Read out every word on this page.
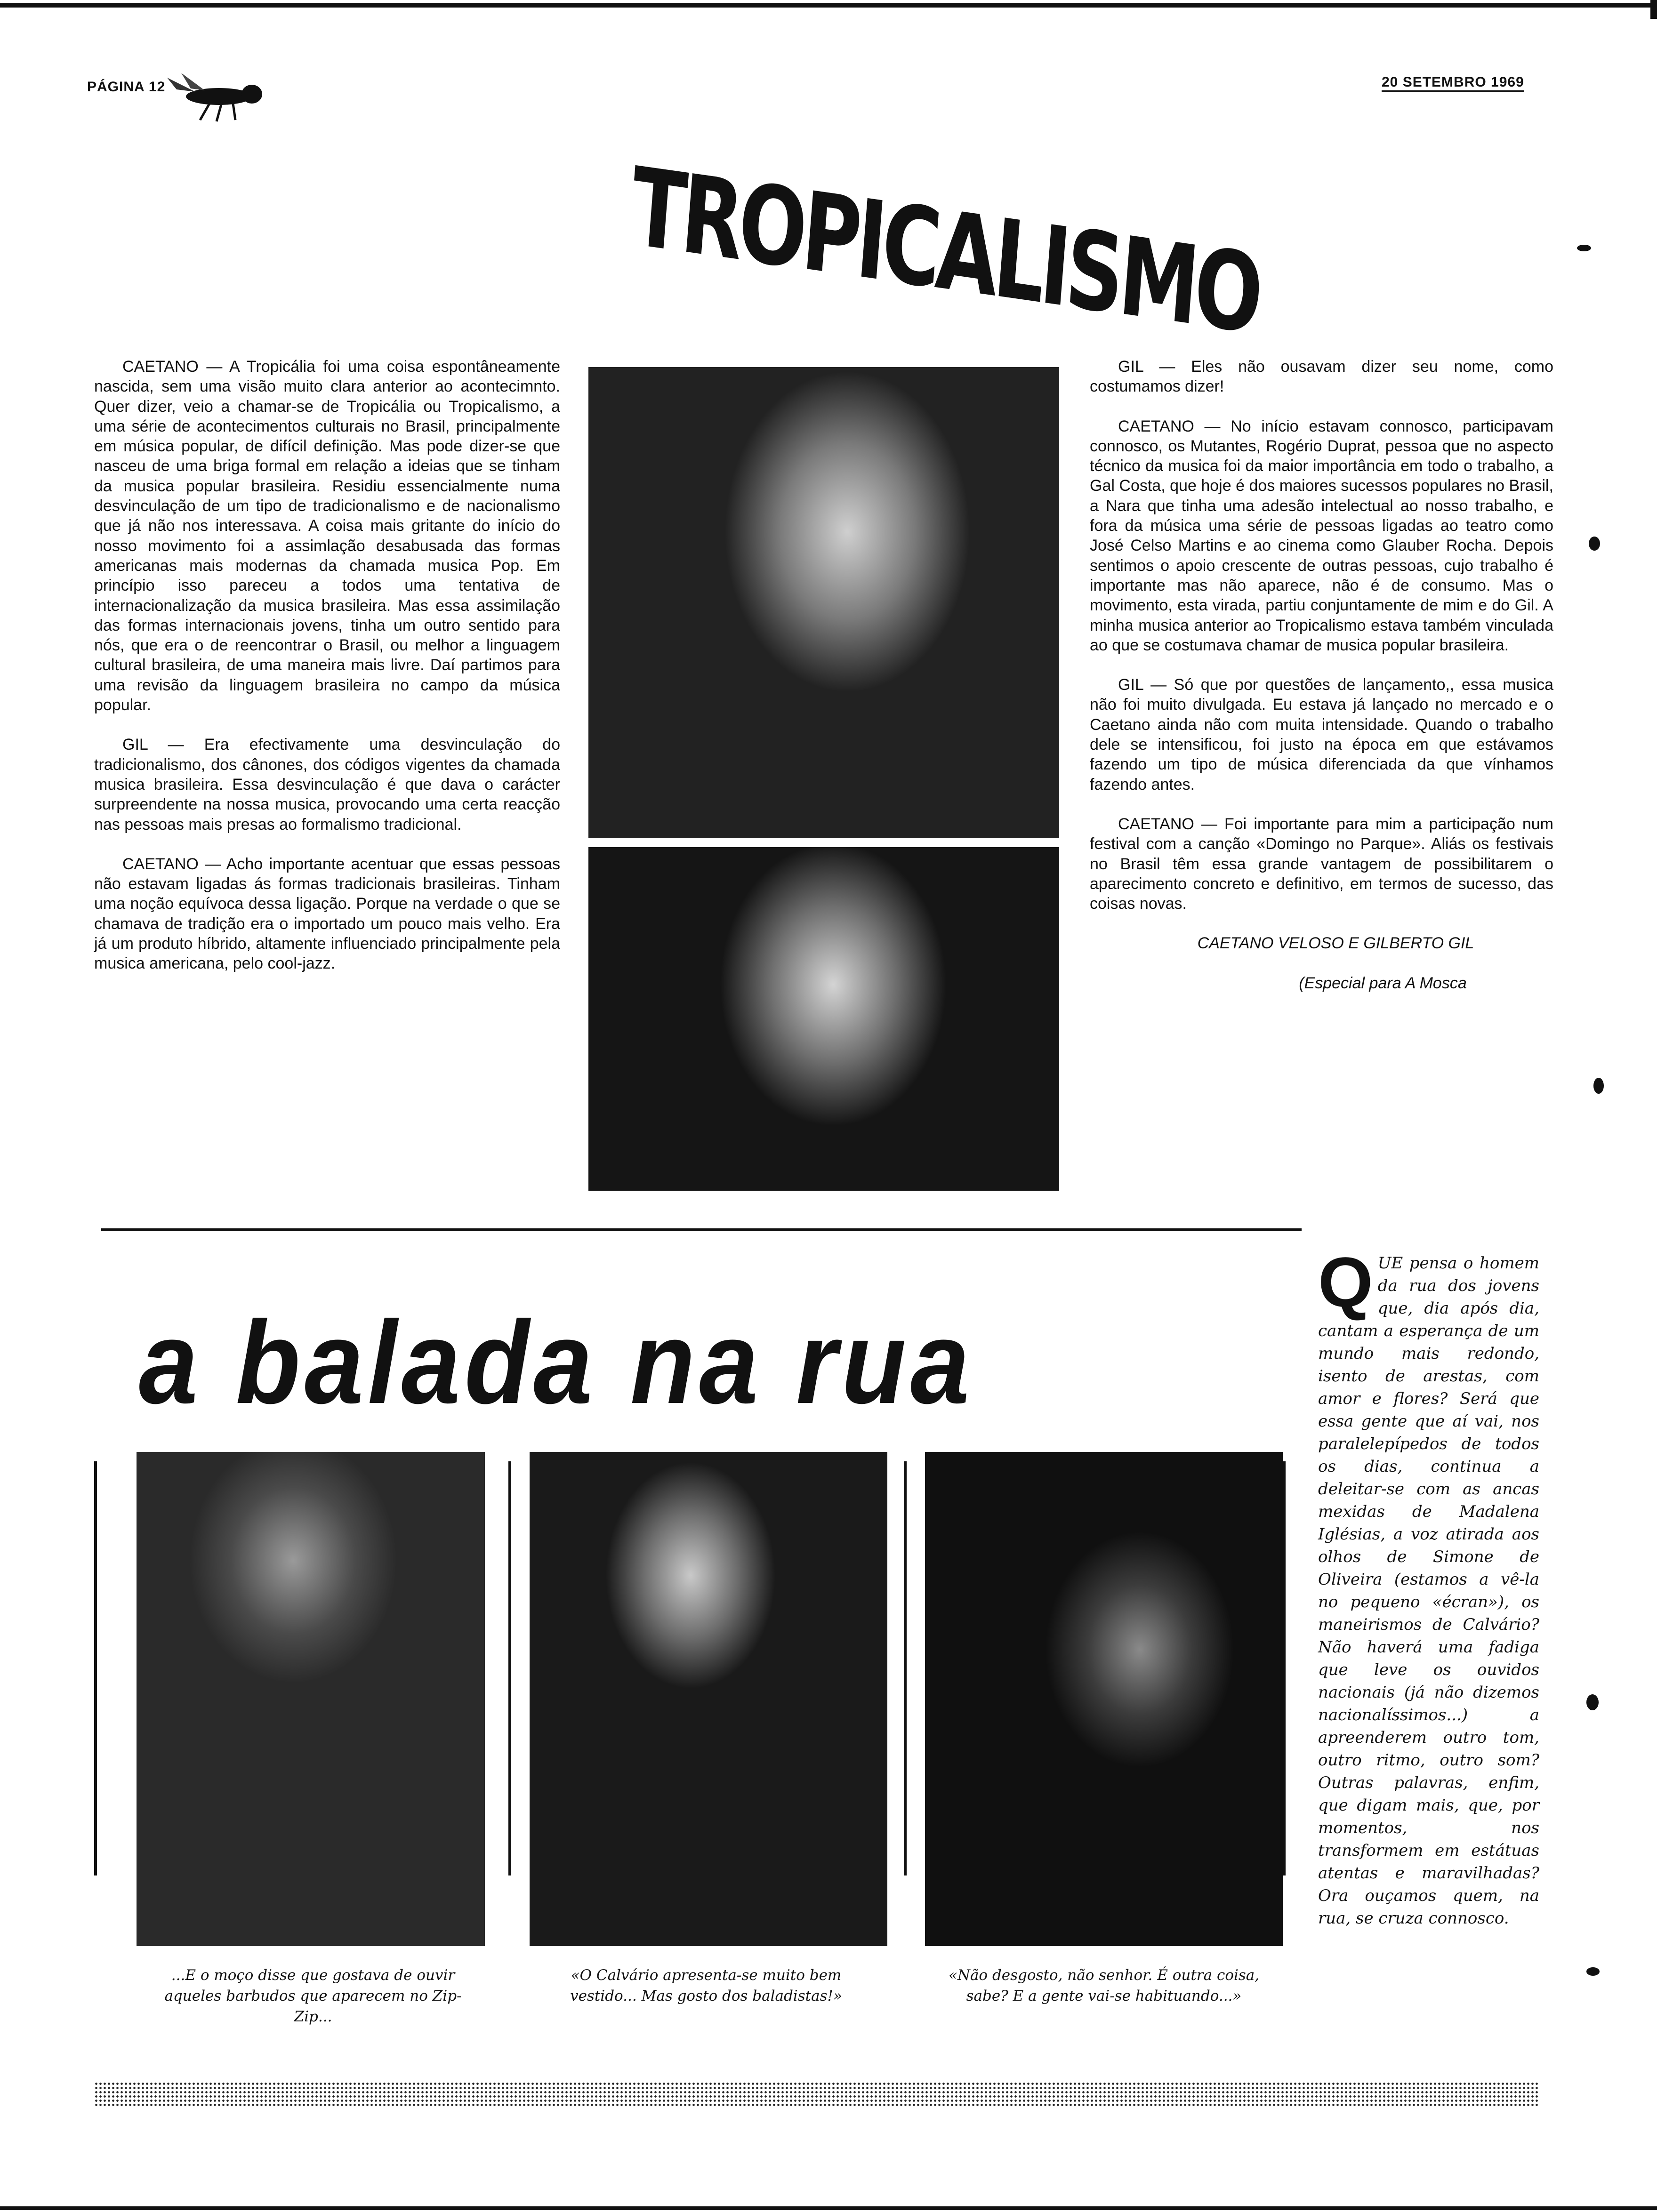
PÁGINA 12	20 SETEMBRO 1969
TROPICALISMO

CAETANO — A Tropicália foi uma coisa espontâneamente nascida, sem uma visão muito clara anterior ao acontecimnto. Quer dizer, veio a chamar-se de Tropicália ou Tropicalismo, a uma série de acontecimentos culturais no Brasil, principalmente em música popular, de difícil definição. Mas pode dizer-se que nasceu de uma briga formal em relação a ideias que se tinham da musica popular brasileira. Residiu essencialmente numa desvinculação de um tipo de tradicionalismo e de nacionalismo que já não nos interessava. A coisa mais gritante do início do nosso movimento foi a assimlação desabusada das formas americanas mais modernas da chamada musica Pop. Em princípio isso pareceu a todos uma tentativa de internacionalização da musica brasileira. Mas essa assimilação das formas internacionais jovens, tinha um outro sentido para nós, que era o de reencontrar o Brasil, ou melhor a linguagem cultural brasileira, de uma maneira mais livre. Daí partimos para uma revisão da linguagem brasileira no campo da música popular.

GIL — Era efectivamente uma desvinculação do tradicionalismo, dos cânones, dos códigos vigentes da chamada musica brasileira. Essa desvinculação é que dava o carácter surpreendente na nossa musica, provocando uma certa reacção nas pessoas mais presas ao formalismo tradicional.

CAETANO — Acho importante acentuar que essas pessoas não estavam ligadas ás formas tradicionais brasileiras. Tinham uma noção equívoca dessa ligação. Porque na verdade o que se chamava de tradição era o importado um pouco mais velho. Era já um produto híbrido, altamente influenciado principalmente pela musica americana, pelo cool-jazz.

GIL — Eles não ousavam dizer seu nome, como costumamos dizer!

CAETANO — No início estavam connosco, participavam connosco, os Mutantes, Rogério Duprat, pessoa que no aspecto técnico da musica foi da maior importância em todo o trabalho, a Gal Costa, que hoje é dos maiores sucessos populares no Brasil, a Nara que tinha uma adesão intelectual ao nosso trabalho, e fora da música uma série de pessoas ligadas ao teatro como José Celso Martins e ao cinema como Glauber Rocha. Depois sentimos o apoio crescente de outras pessoas, cujo trabalho é importante mas não aparece, não é de consumo. Mas o movimento, esta virada, partiu conjuntamente de mim e do Gil. A minha musica anterior ao Tropicalismo estava também vinculada ao que se costumava chamar de musica popular brasileira.

GIL — Só que por questões de lançamento,, essa musica não foi muito divulgada. Eu estava já lançado no mercado e o Caetano ainda não com muita intensidade. Quando o trabalho dele se intensificou, foi justo na época em que estávamos fazendo um tipo de música diferenciada da que vínhamos fazendo antes.

CAETANO — Foi importante para mim a participação num festival com a canção «Domingo no Parque». Aliás os festivais no Brasil têm essa grande vantagem de possibilitarem o aparecimento concreto e definitivo, em termos de sucesso, das coisas novas.

CAETANO VELOSO E GILBERTO GIL

(Especial para A Mosca

a balada na rua
...E o moço disse que gostava de ouvir aqueles barbudos que aparecem no Zip-Zip...
«O Calvário apresenta-se muito bem vestido... Mas gosto dos baladistas!»
«Não desgosto, não senhor. É outra coisa, sabe? E a gente vai-se habituando...»
Q UE pensa o homem da rua dos jovens que, dia após dia, cantam a esperança de um mundo mais redondo, isento de arestas, com amor e flores? Será que essa gente que aí vai, nos paralelepípedos de todos os dias, continua a deleitar-se com as ancas mexidas de Madalena Iglésias, a voz atirada aos olhos de Simone de Oliveira (estamos a vê-la no pequeno «écran»), os maneirismos de Calvário? Não haverá uma fadiga que leve os ouvidos nacionais (já não dizemos nacionalíssimos...) a apreenderem outro tom, outro ritmo, outro som? Outras palavras, enfim, que digam mais, que, por momentos, nos transformem em estátuas atentas e maravilhadas? Ora ouçamos quem, na rua, se cruza connosco.
